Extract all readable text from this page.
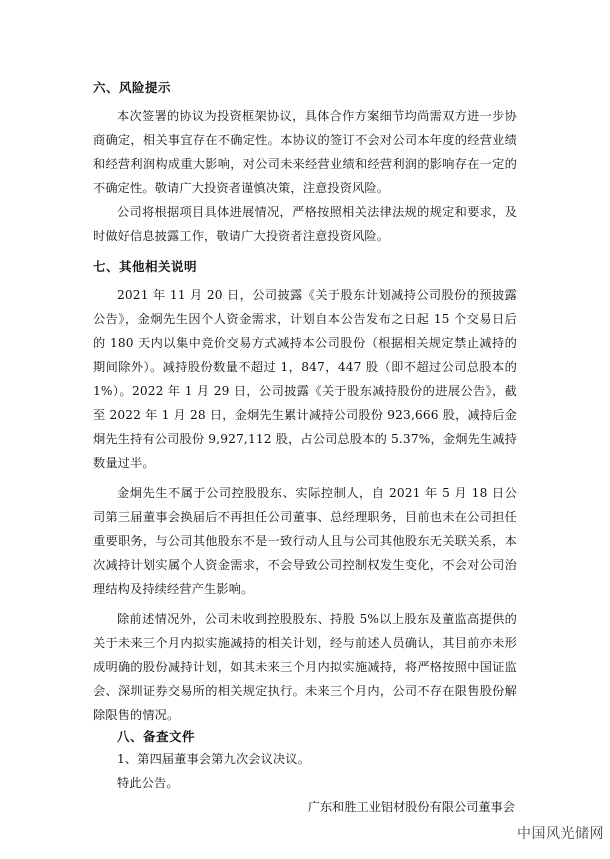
六、风险提示

本次签署的协议为投资框架协议，具体合作方案细节均尚需双方进一步协商确定，相关事宜存在不确定性。本协议的签订不会对公司本年度的经营业绩和经营利润构成重大影响，对公司未来经营业绩和经营利润的影响存在一定的不确定性。敬请广大投资者谨慎决策，注意投资风险。

公司将根据项目具体进展情况，严格按照相关法律法规的规定和要求，及时做好信息披露工作，敬请广大投资者注意投资风险。

七、其他相关说明

2021 年 11 月 20 日，公司披露《关于股东计划减持公司股份的预披露公告》，金炯先生因个人资金需求，计划自本公告发布之日起 15 个交易日后的 180 天内以集中竞价交易方式减持本公司股份（根据相关规定禁止减持的期间除外）。减持股份数量不超过 1，847，447 股（即不超过公司总股本的 1%）。2022 年 1 月 29 日，公司披露《关于股东减持股份的进展公告》，截至 2022 年 1 月 28 日，金炯先生累计减持公司股份 923,666 股，减持后金炯先生持有公司股份 9,927,112 股，占公司总股本的 5.37%，金炯先生减持数量过半。

金炯先生不属于公司控股股东、实际控制人，自 2021 年 5 月 18 日公司第三届董事会换届后不再担任公司董事、总经理职务，目前也未在公司担任重要职务，与公司其他股东不是一致行动人且与公司其他股东无关联关系，本次减持计划实属个人资金需求，不会导致公司控制权发生变化，不会对公司治理结构及持续经营产生影响。

除前述情况外，公司未收到控股股东、持股 5%以上股东及董监高提供的关于未来三个月内拟实施减持的相关计划，经与前述人员确认，其目前亦未形成明确的股份减持计划，如其未来三个月内拟实施减持，将严格按照中国证监会、深圳证券交易所的相关规定执行。未来三个月内，公司不存在限售股份解除限售的情况。

八、备查文件

1、第四届董事会第九次会议决议。

特此公告。

广东和胜工业铝材股份有限公司董事会

中国风光储网
